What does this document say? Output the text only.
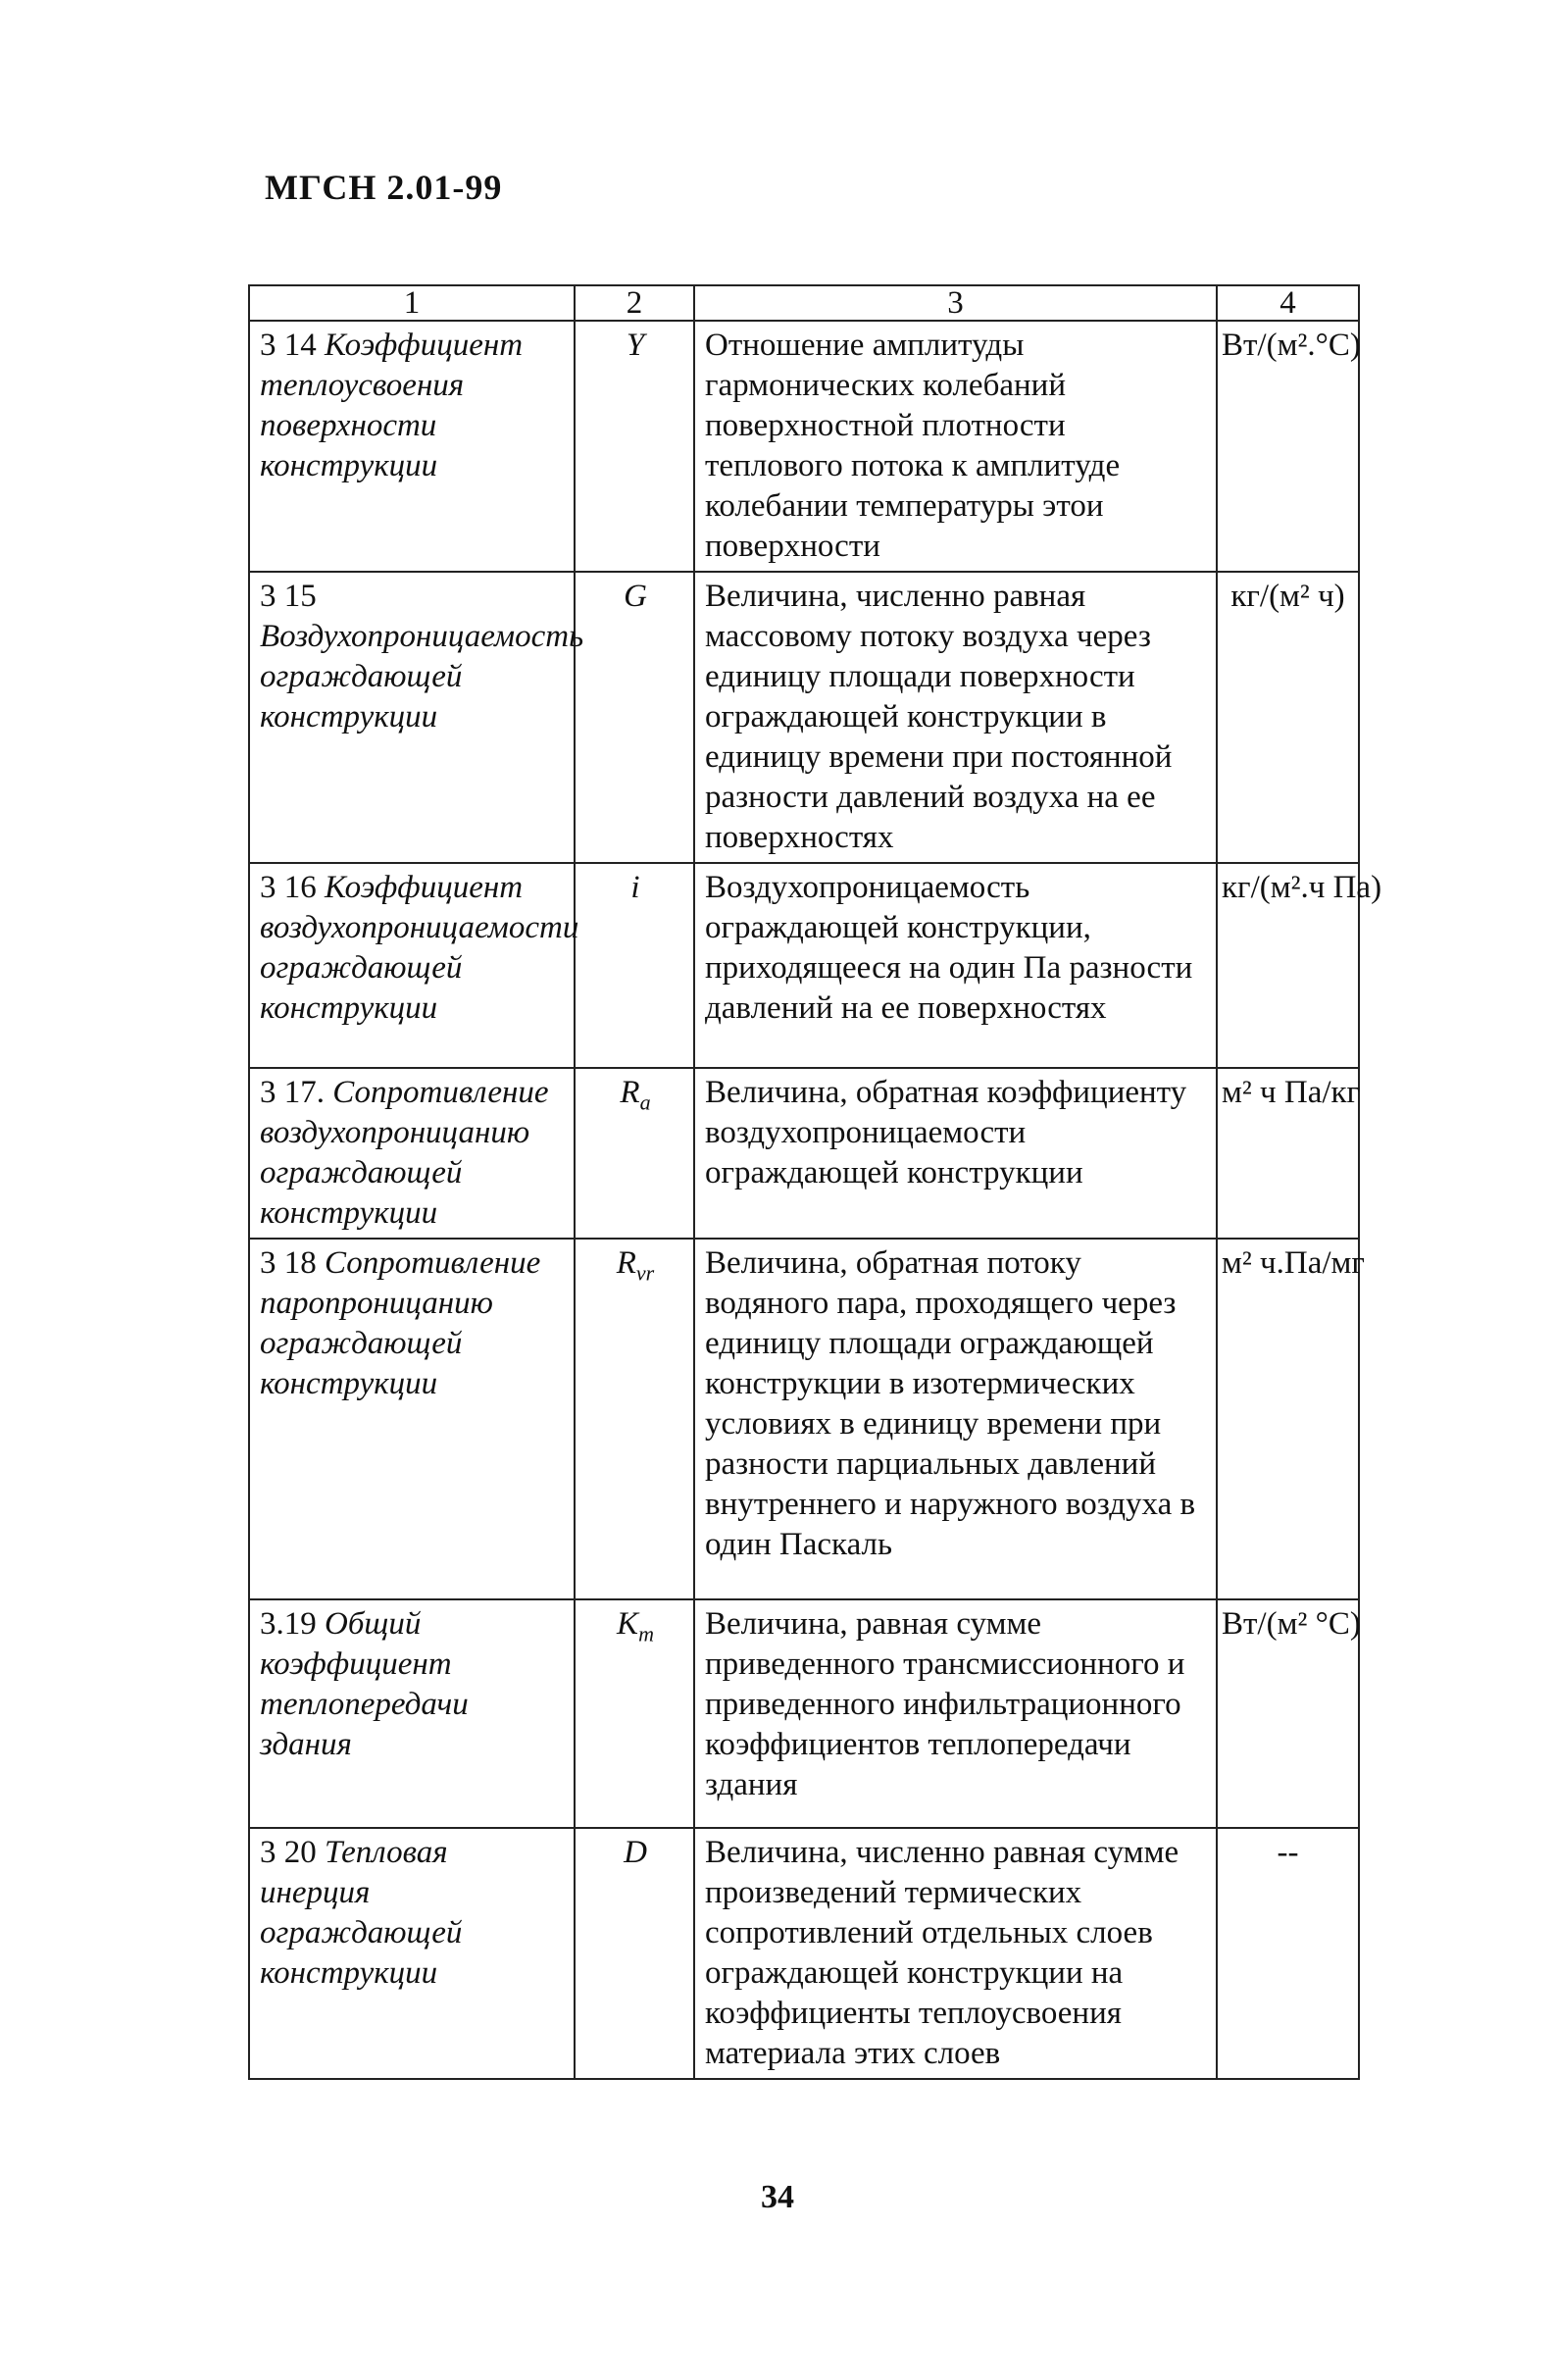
МГСН 2.01-99
1	2	3	4
3 14 Коэффициент теплоусвоения поверхности конструкции	Y	Отношение амплитуды гармонических колебаний поверхностной плотности теплового потока к амплитуде колебании температуры этои поверхности	Вт/(м².°С)
3 15 Воздухопроницаемость ограждающей конструкции	G	Величина, численно равная массовому потоку воздуха через единицу площади поверхности ограждающей конструкции в единицу времени при постоянной разности давлений воздуха на ее поверхностях	кг/(м² ч)
3 16 Коэффициент воздухопроницаемости ограждающей конструкции	i	Воздухопроницаемость ограждающей конструкции, приходящееся на один Па разности давлений на ее поверхностях	кг/(м².ч Па)
3 17. Сопротивление воздухопроницанию ограждающей конструкции	$R_a$	Величина, обратная коэффициенту воздухопроницаемости ограждающей конструкции	м² ч Па/кг
3 18 Сопротивление паропроницанию ограждающей конструкции	$R_{vr}$	Величина, обратная потоку водяного пара, проходящего через единицу площади ограждающей конструкции в изотермических условиях в единицу времени при разности парциальных давлений внутреннего и наружного воздуха в один Паскаль	м² ч.Па/мг
3.19 Общий коэффициент теплопередачи здания	$K_m$	Величина, равная сумме приведенного трансмиссионного и приведенного инфильтрационного коэффициентов теплопередачи здания	Вт/(м² °С)
3 20 Тепловая инерция ограждающей конструкции	D	Величина, численно равная сумме произведений термических сопротивлений отдельных слоев ограждающей конструкции на коэффициенты теплоусвоения материала этих слоев	--
34
